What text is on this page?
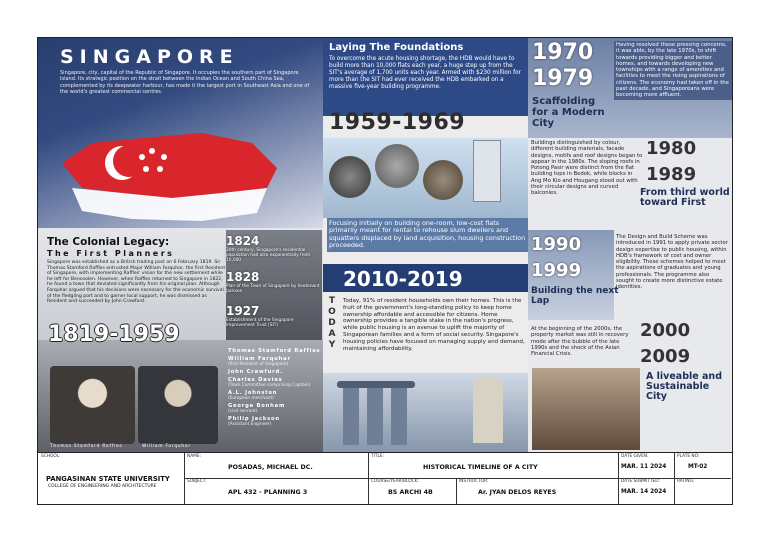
SINGAPORE
Singapore, city, capital of the Republic of Singapore. It occupies the southern part of Singapore Island. Its strategic position on the strait between the Indian Ocean and South China Sea, complemented by its deepwater harbour, has made it the largest port in Southeast Asia and one of the world's greatest commercial centres.
The Colonial Legacy:
The First Planners
Singapore was established as a British trading post on 6 February 1819. Sir Thomas Stamford Raffles entrusted Major William Farquhar, the first Resident of Singapore, with implementing Raffles' vision for the new settlement while he left for Bencoolen. However, when Raffles returned to Singapore in 1822, he found a town that deviated significantly from his original plan. Although Farquhar argued that his decisions were necessary for the economic survival of the fledgling port and to garner local support, he was dismissed as Resident and succeeded by John Crawfurd.
1824
20th century, Singapore's residential population had also exponentially from 10,000
1828
Plan of the Town of Singapore by lieutenant Jackson
1927
Establishment of the Singapore Improvement Trust (SIT)
Thomas Stamford Raffles	William Farquhar
1819-1959
Thomas Stamford Raffles
William Farquhar
(first Resident of Singapore)
John Crawfurd.
Charles Davies
(Town Committee comprising Captain)
A.L. Johnston
(European merchant)
George Bonham
(civil servant)
Philip Jackson
(Assistant Engineer)
Laying The Foundations
To overcome the acute housing shortage, the HDB would have to build more than 10,000 flats each year, a huge step up from the SIT's average of 1,700 units each year. Armed with $230 million for more than the SIT had ever received the HDB embarked on a massive five-year building programme.
1959-1969
Focusing initially on building one-room, low-cost flats primarily meant for rental to rehouse slum dwellers and squatters displaced by land acquisition, housing construction proceeded.
2010-2019
T
O
D
A
Y
Today, 91% of resident households own their homes. This is the fruit of the government's long-standing policy to keep home ownership affordable and accessible for citizens. Home ownership provides a tangible stake in the nation's progress, while public housing is an avenue to uplift the majority of Singaporean families and a form of social security. Singapore's housing policies have focused on managing supply and demand, maintaining affordability.
1970
1979
Scaffolding for a Modern City
Having resolved these pressing concerns, it was able, by the late 1970s, to shift towards providing bigger and better homes, and towards developing new townships with a range of amenities and facilities to meet the rising aspirations of citizens. The economy had taken off in the past decade, and Singaporeans were becoming more affluent.
Buildings distinguished by colour, different building materials, facade designs, motifs and roof designs began to appear in the 1980s. The sloping roofs in Potong Pasir were distinct from the flat building tops in Bedok, while blocks in Ang Mo Kio and Hougang stood out with their circular designs and curved balconies.
1980
1989
From third world toward First
1990
1999
Building the next Lap
The Design and Build Scheme was introduced in 1991 to apply private sector design expertise to public housing, within HDB's framework of cost and owner eligibility. These schemes helped to meet the aspirations of graduates and young professionals. The programme also sought to create more distinctive estate identities.
At the beginning of the 2000s, the property market was still in recovery mode after the bubble of the late 1990s and the shock of the Asian Financial Crisis.
2000
2009
A liveable and Sustainable City
SCHOOL:
PANGASINAN STATE UNIVERSITY
COLLEGE OF ENGINEERING AND ARCHITECTURE
NAME:
POSADAS, MICHAEL DC.
TITLE:
HISTORICAL TIMELINE OF A CITY
DATE GIVEN:
MAR. 11 2024
PLATE NO:
MT-02
SUBJECT:
APL 432 - PLANNING 3
COURSE/YEAR/BLOCK:
BS ARCHI 4B
INSTRUCTOR:
Ar. JYAN DELOS REYES
DATE SUBMITTED:
MAR. 14 2024
RATING:
